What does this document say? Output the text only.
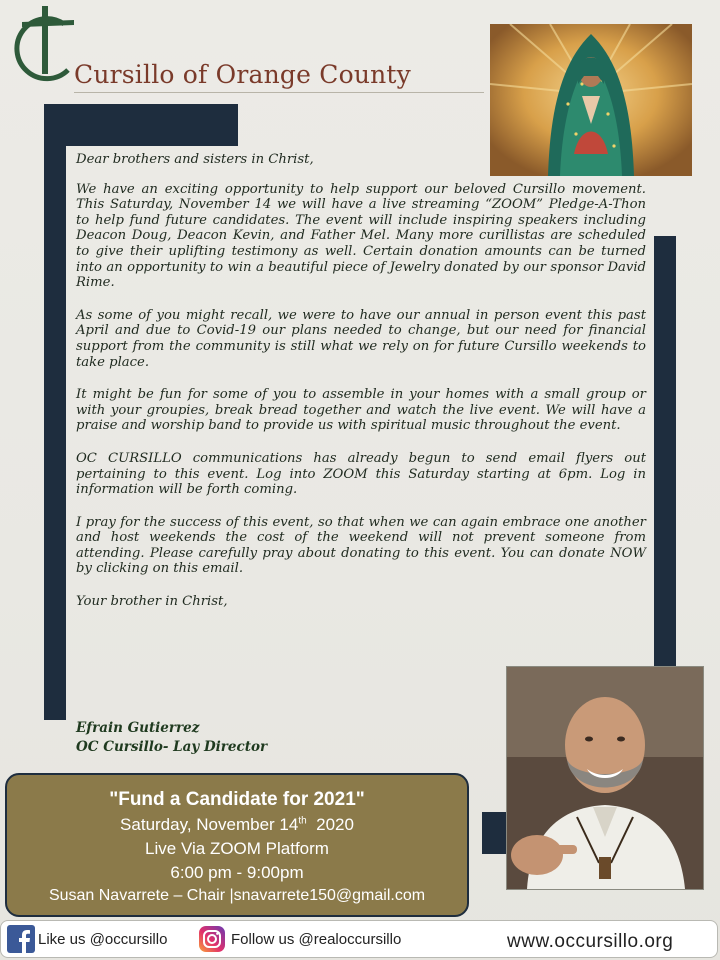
Cursillo of Orange County

Dear brothers and sisters in Christ,

We have an exciting opportunity to help support our beloved Cursillo movement. This Saturday, November 14 we will have a live streaming “ZOOM” Pledge-A-Thon to help fund future candidates. The event will include inspiring speakers including Deacon Doug, Deacon Kevin, and Father Mel. Many more curillistas are scheduled to give their uplifting testimony as well. Certain donation amounts can be turned into an opportunity to win a beautiful piece of Jewelry donated by our sponsor David Rime.

As some of you might recall, we were to have our annual in person event this past April and due to Covid-19 our plans needed to change, but our need for financial support from the community is still what we rely on for future Cursillo weekends to take place.

It might be fun for some of you to assemble in your homes with a small group or with your groupies, break bread together and watch the live event. We will have a praise and worship band to provide us with spiritual music throughout the event.

OC CURSILLO communications has already begun to send email flyers out pertaining to this event. Log into ZOOM this Saturday starting at 6pm. Log in information will be forth coming.

I pray for the success of this event, so that when we can again embrace one another and host weekends the cost of the weekend will not prevent someone from attending. Please carefully pray about donating to this event. You can donate NOW by clicking on this email.

Your brother in Christ,

Efrain Gutierrez
OC Cursillo- Lay Director
"Fund a Candidate for 2021"
Saturday, November 14th 2020
Live Via ZOOM Platform
6:00 pm - 9:00pm
Susan Navarrete – Chair |snavarrete150@gmail.com
Like us @occursillo	Follow us @realoccursillo	www.occursillo.org
